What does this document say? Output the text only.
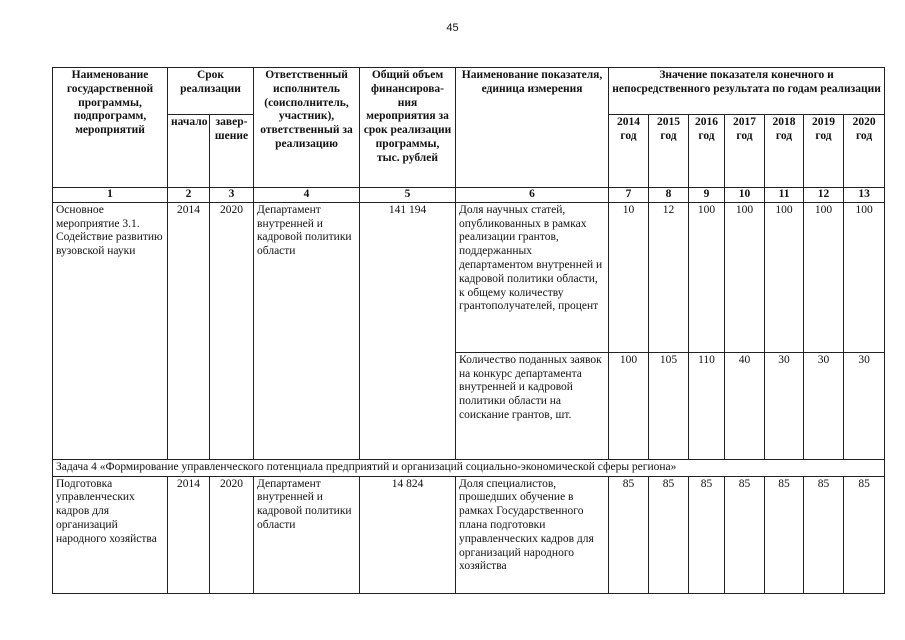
45
Наименование государственной программы, подпрограмм, мероприятий	Срок реализации		Ответственный исполнитель (соисполнитель, участник), ответственный за реализацию	Общий объем финансирова-ния мероприятия за срок реализации программы, тыс. рублей	Наименование показателя, единица измерения	Значение показателя конечного и непосредственного результата по годам реализации						
	начало	завер-шение				2014 год	2015 год	2016 год	2017 год	2018 год	2019 год	2020 год
1	2	3	4	5	6	7	8	9	10	11	12	13
Основное мероприятие 3.1. Содействие развитию вузовской науки	2014	2020	Департамент внутренней и кадровой политики области	141 194	Доля научных статей, опубликованных в рамках реализации грантов, поддержанных департаментом внутренней и кадровой политики области, к общему количеству грантополучателей, процент	10	12	100	100	100	100	100
					Количество поданных заявок на конкурс департамента внутренней и кадровой политики области на соискание грантов, шт.	100	105	110	40	30	30	30
Задача 4 «Формирование управленческого потенциала предприятий и организаций социально-экономической сферы региона»												
Подготовка управленческих кадров для организаций народного хозяйства	2014	2020	Департамент внутренней и кадровой политики области	14 824	Доля специалистов, прошедших обучение в рамках Государственного плана подготовки управленческих кадров для организаций народного хозяйства	85	85	85	85	85	85	85
